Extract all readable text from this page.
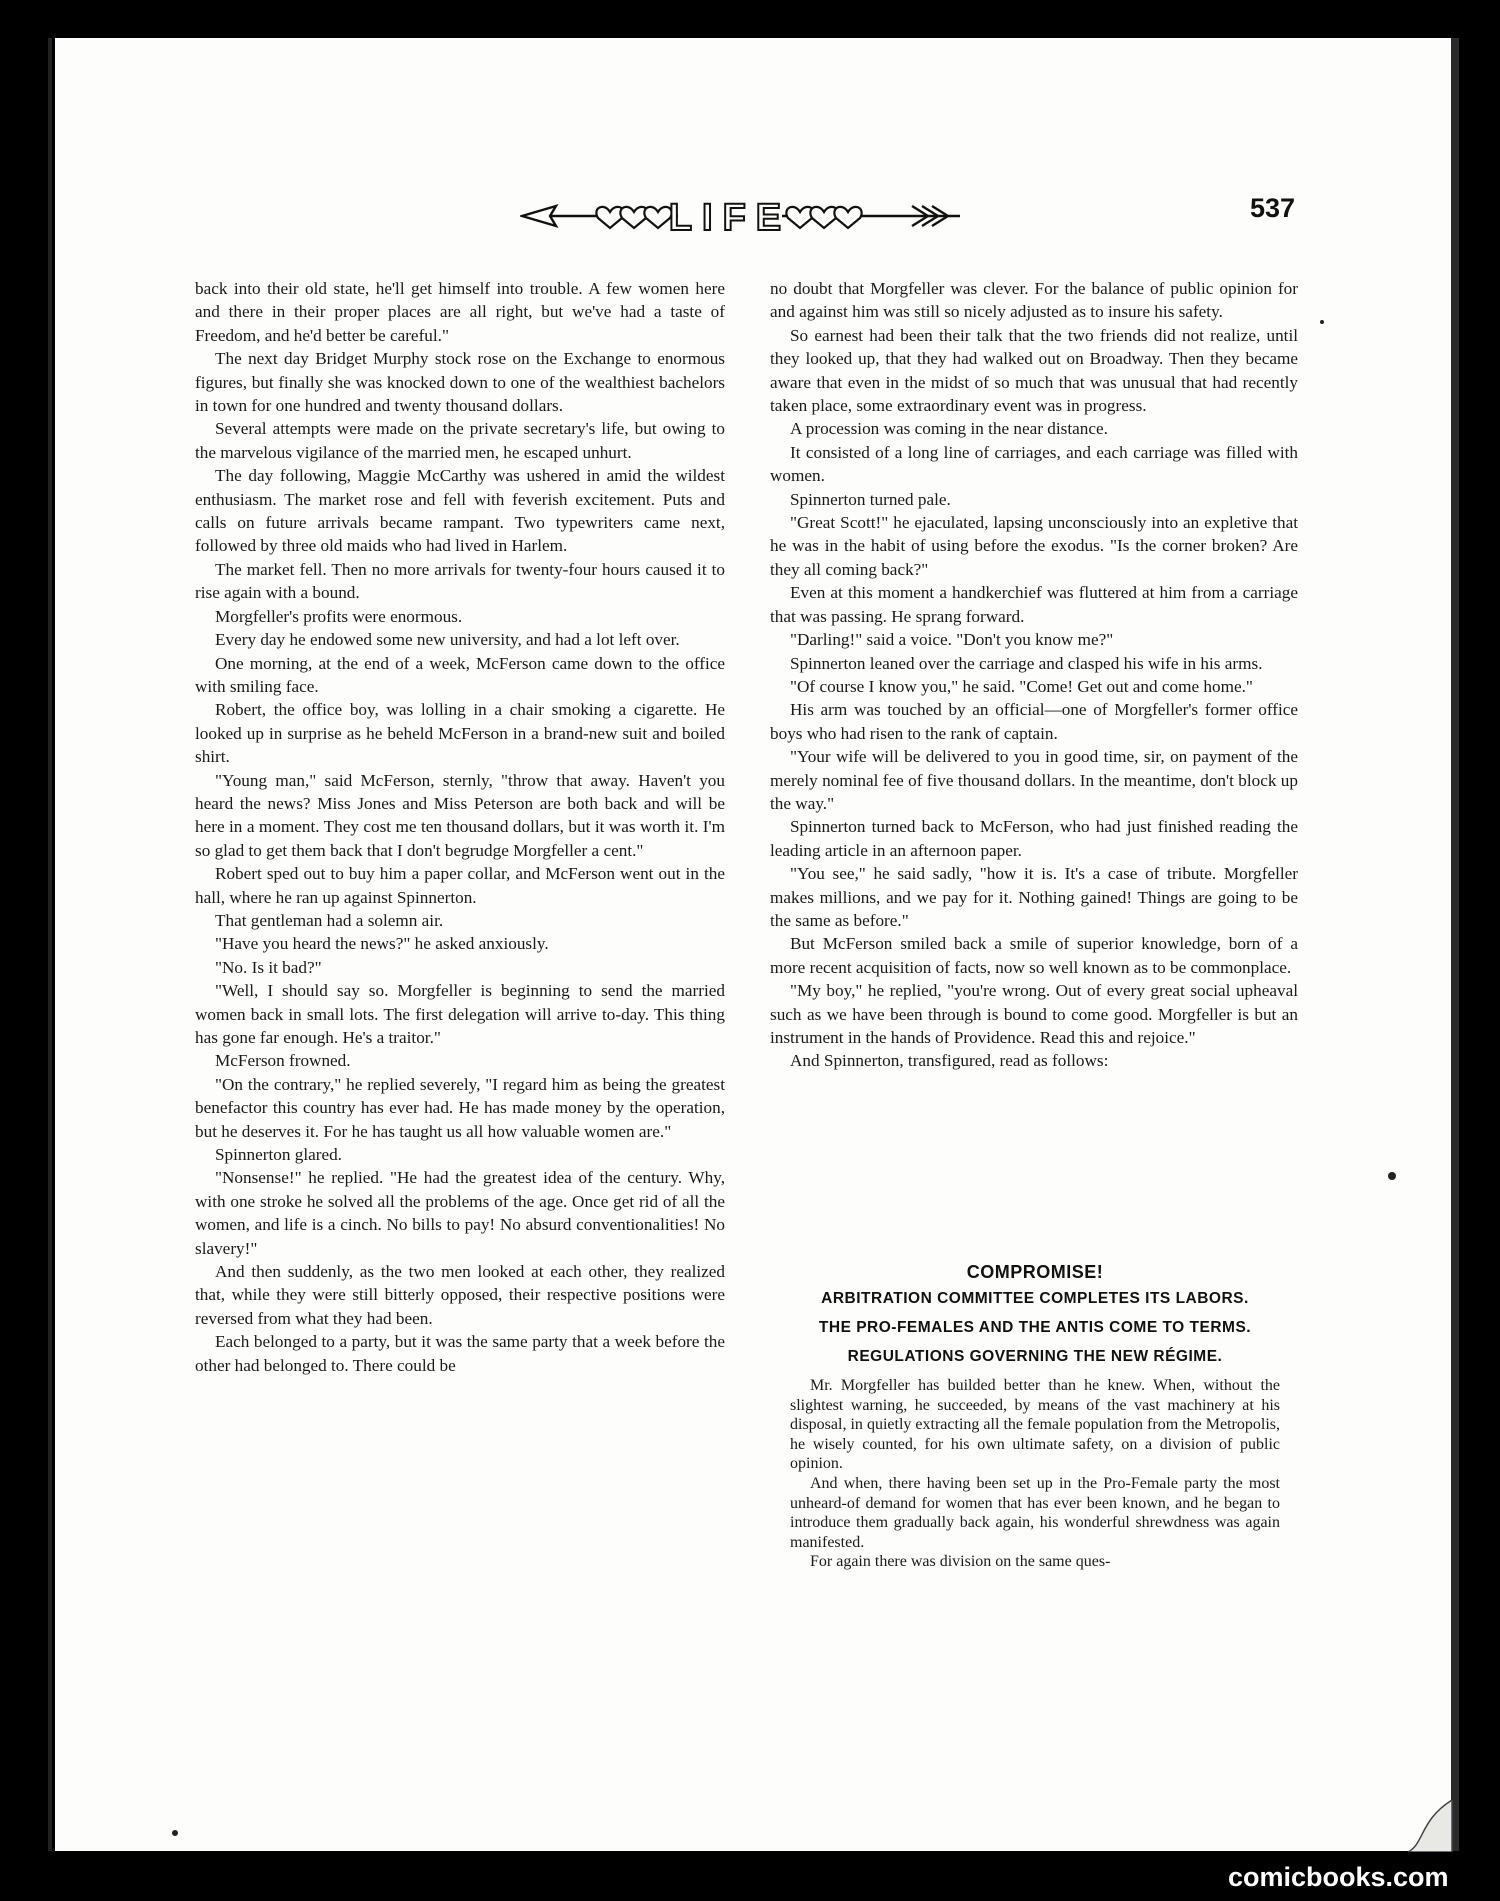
LIFE	537

back into their old state, he'll get himself into trouble. A few women here and there in their proper places are all right, but we've had a taste of Freedom, and he'd better be careful."

The next day Bridget Murphy stock rose on the Exchange to enormous figures, but finally she was knocked down to one of the wealthiest bachelors in town for one hundred and twenty thousand dollars.

Several attempts were made on the private secretary's life, but owing to the marvelous vigilance of the married men, he escaped unhurt.

The day following, Maggie McCarthy was ushered in amid the wildest enthusiasm. The market rose and fell with feverish excitement. Puts and calls on future arrivals became rampant. Two typewriters came next, followed by three old maids who had lived in Harlem.

The market fell. Then no more arrivals for twenty-four hours caused it to rise again with a bound.

Morgfeller's profits were enormous.

Every day he endowed some new university, and had a lot left over.

One morning, at the end of a week, McFerson came down to the office with smiling face.

Robert, the office boy, was lolling in a chair smoking a cigarette. He looked up in surprise as he beheld McFerson in a brand-new suit and boiled shirt.

"Young man," said McFerson, sternly, "throw that away. Haven't you heard the news? Miss Jones and Miss Peterson are both back and will be here in a moment. They cost me ten thousand dollars, but it was worth it. I'm so glad to get them back that I don't begrudge Morgfeller a cent."

Robert sped out to buy him a paper collar, and McFerson went out in the hall, where he ran up against Spinnerton.

That gentleman had a solemn air.

"Have you heard the news?" he asked anxiously.

"No. Is it bad?"

"Well, I should say so. Morgfeller is beginning to send the married women back in small lots. The first delegation will arrive to-day. This thing has gone far enough. He's a traitor."

McFerson frowned.

"On the contrary," he replied severely, "I regard him as being the greatest benefactor this country has ever had. He has made money by the operation, but he deserves it. For he has taught us all how valuable women are."

Spinnerton glared.

"Nonsense!" he replied. "He had the greatest idea of the century. Why, with one stroke he solved all the problems of the age. Once get rid of all the women, and life is a cinch. No bills to pay! No absurd conventionalities! No slavery!"

And then suddenly, as the two men looked at each other, they realized that, while they were still bitterly opposed, their respective positions were reversed from what they had been.

Each belonged to a party, but it was the same party that a week before the other had belonged to. There could be

no doubt that Morgfeller was clever. For the balance of public opinion for and against him was still so nicely adjusted as to insure his safety.

So earnest had been their talk that the two friends did not realize, until they looked up, that they had walked out on Broadway. Then they became aware that even in the midst of so much that was unusual that had recently taken place, some extraordinary event was in progress.

A procession was coming in the near distance.

It consisted of a long line of carriages, and each carriage was filled with women.

Spinnerton turned pale.

"Great Scott!" he ejaculated, lapsing unconsciously into an expletive that he was in the habit of using before the exodus. "Is the corner broken? Are they all coming back?"

Even at this moment a handkerchief was fluttered at him from a carriage that was passing. He sprang forward.

"Darling!" said a voice. "Don't you know me?"

Spinnerton leaned over the carriage and clasped his wife in his arms.

"Of course I know you," he said. "Come! Get out and come home."

His arm was touched by an official—one of Morgfeller's former office boys who had risen to the rank of captain.

"Your wife will be delivered to you in good time, sir, on payment of the merely nominal fee of five thousand dollars. In the meantime, don't block up the way."

Spinnerton turned back to McFerson, who had just finished reading the leading article in an afternoon paper.

"You see," he said sadly, "how it is. It's a case of tribute. Morgfeller makes millions, and we pay for it. Nothing gained! Things are going to be the same as before."

But McFerson smiled back a smile of superior knowledge, born of a more recent acquisition of facts, now so well known as to be commonplace.

"My boy," he replied, "you're wrong. Out of every great social upheaval such as we have been through is bound to come good. Morgfeller is but an instrument in the hands of Providence. Read this and rejoice."

And Spinnerton, transfigured, read as follows:

COMPROMISE!
ARBITRATION COMMITTEE COMPLETES ITS LABORS.
THE PRO-FEMALES AND THE ANTIS COME TO TERMS.
REGULATIONS GOVERNING THE NEW RÉGIME.

Mr. Morgfeller has builded better than he knew. When, without the slightest warning, he succeeded, by means of the vast machinery at his disposal, in quietly extracting all the female population from the Metropolis, he wisely counted, for his own ultimate safety, on a division of public opinion.

And when, there having been set up in the Pro-Female party the most unheard-of demand for women that has ever been known, and he began to introduce them gradually back again, his wonderful shrewdness was again manifested.

For again there was division on the same ques-

comicbooks.com
